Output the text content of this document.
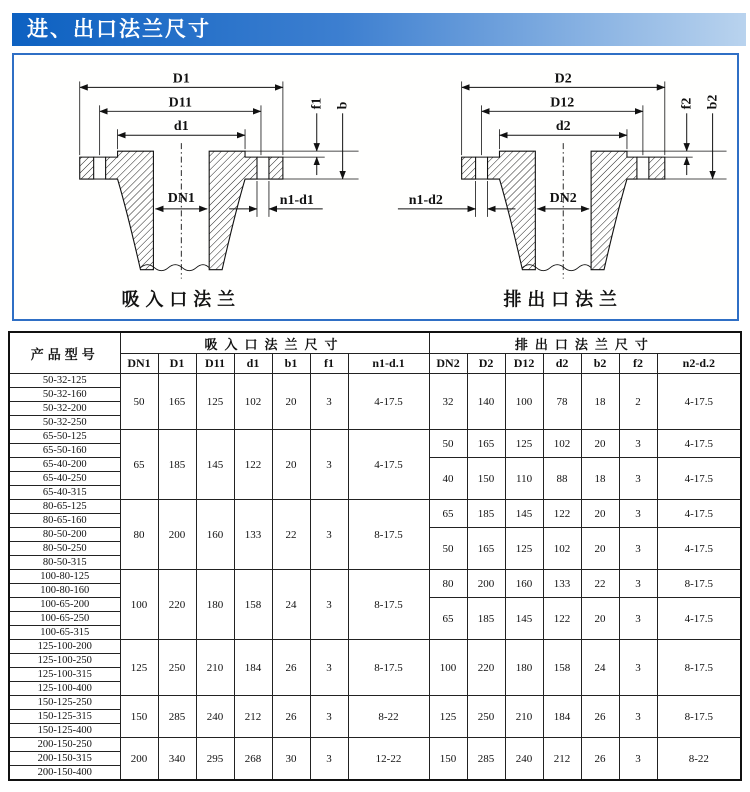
进、出口法兰尺寸
D1
D11
d1
DN1
f1 b
n1-d1
吸入口法兰
D2
D12
d2
DN2
f2 b2
n1-d2
排出口法兰
产品型号	吸入口法兰尺寸							排出口法兰尺寸						
	DN1	D1	D11	d1	b1	f1	n1-d.1	DN2	D2	D12	d2	b2	f2	n2-d.2
50-32-125	50	165	125	102	20	3	4-17.5	32	140	100	78	18	2	4-17.5
50-32-160														
50-32-200														
50-32-250														
65-50-125	65	185	145	122	20	3	4-17.5	50	165	125	102	20	3	4-17.5
65-50-160														
65-40-200								40	150	110	88	18	3	4-17.5
65-40-250														
65-40-315														
80-65-125	80	200	160	133	22	3	8-17.5	65	185	145	122	20	3	4-17.5
80-65-160														
80-50-200								50	165	125	102	20	3	4-17.5
80-50-250														
80-50-315														
100-80-125	100	220	180	158	24	3	8-17.5	80	200	160	133	22	3	8-17.5
100-80-160														
100-65-200								65	185	145	122	20	3	4-17.5
100-65-250														
100-65-315														
125-100-200	125	250	210	184	26	3	8-17.5	100	220	180	158	24	3	8-17.5
125-100-250														
125-100-315														
125-100-400														
150-125-250	150	285	240	212	26	3	8-22	125	250	210	184	26	3	8-17.5
150-125-315														
150-125-400														
200-150-250	200	340	295	268	30	3	12-22	150	285	240	212	26	3	8-22
200-150-315														
200-150-400														
